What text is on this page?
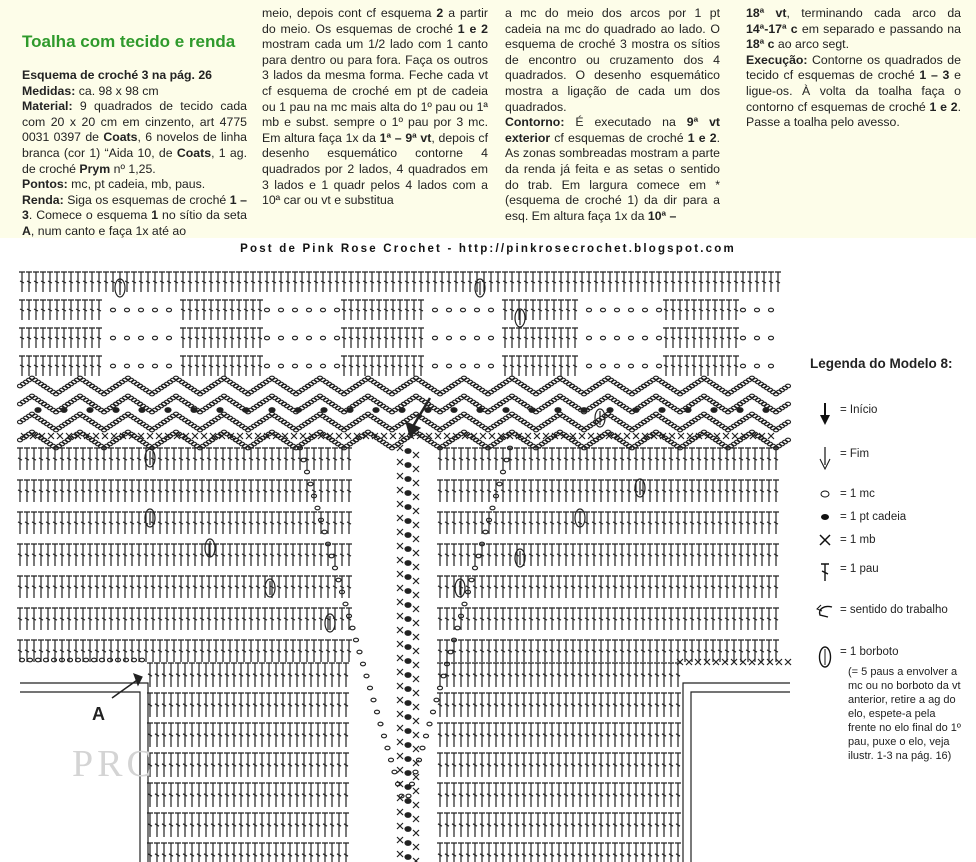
Toalha com tecido e renda

Esquema de croché 3 na pág. 26

Medidas: ca. 98 x 98 cm

Material: 9 quadrados de tecido cada com 20 x 20 cm em cinzento, art 4775 0031 0397 de Coats, 6 novelos de linha branca (cor 1) “Aida 10, de Coats, 1 ag. de croché Prym nº 1,25.

Pontos: mc, pt cadeia, mb, paus.

Renda: Siga os esquemas de croché 1 – 3. Comece o esquema 1 no sítio da seta A, num canto e faça 1x até ao

meio, depois cont cf esquema 2 a partir do meio. Os esquemas de croché 1 e 2 mostram cada um 1/2 lado com 1 canto para dentro ou para fora. Faça os outros 3 lados da mesma forma. Feche cada vt cf esquema de croché em pt de cadeia ou 1 pau na mc mais alta do 1º pau ou 1ª mb e subst. sempre o 1º pau por 3 mc. Em altura faça 1x da 1ª – 9ª vt, depois cf desenho esquemático contorne 4 quadrados por 2 lados, 4 quadrados em 3 lados e 1 quadr pelos 4 lados com a 10ª car ou vt e substitua

a mc do meio dos arcos por 1 pt cadeia na mc do quadrado ao lado. O esquema de croché 3 mostra os sítios de encontro ou cruzamento dos 4 quadrados. O desenho esquemático mostra a ligação de cada um dos quadrados.

Contorno: É executado na 9ª vt exterior cf esquemas de croché 1 e 2. As zonas sombreadas mostram a parte da renda já feita e as setas o sentido do trab. Em largura comece em * (esquema de croché 1) da dir para a esq. Em altura faça 1x da 10ª –

18ª vt, terminando cada arco da 14ª-17ª c em separado e passando na 18ª c ao arco segt.

Execução: Contorne os quadrados de tecido cf esquemas de croché 1 – 3 e ligue-os. À volta da toalha faça o contorno cf esquemas de croché 1 e 2. Passe a toalha pelo avesso.

Post de Pink Rose Crochet - http://pinkrosecrochet.blogspot.com
A
PRC
Legenda do Modelo 8:
= Início
= Fim
= 1 mc
= 1 pt cadeia
= 1 mb
= 1 pau
= sentido do trabalho
= 1 borboto
(= 5 paus a envolver a mc ou no borboto da vt anterior, retire a ag do elo, espete-a pela frente no elo final do 1º pau, puxe o elo, veja ilustr. 1-3 na pág. 16)
